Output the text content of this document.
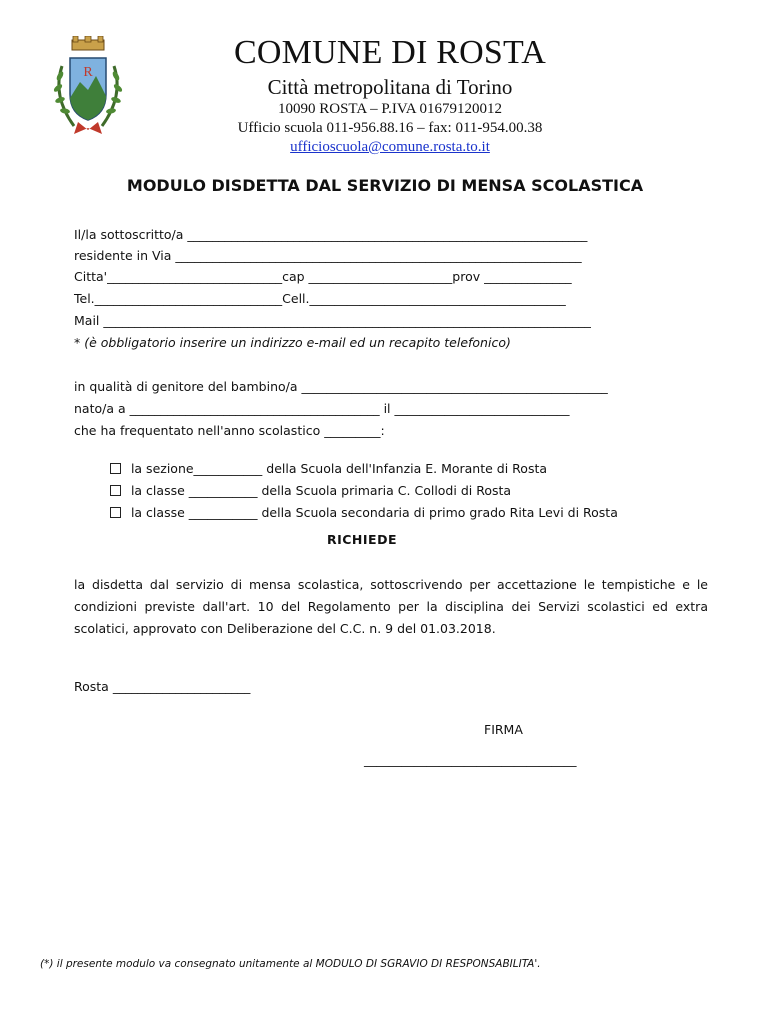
R
COMUNE DI ROSTA
Città metropolitana di Torino
10090 ROSTA – P.IVA 01679120012
Ufficio scuola 011-956.88.16 – fax: 011-954.00.38
ufficioscuola@comune.rosta.to.it
MODULO DISDETTA DAL SERVIZIO DI MENSA SCOLASTICA
Il/la sottoscritto/a ________________________________________________________________
residente in Via _________________________________________________________________
Citta'____________________________cap _______________________prov ______________
Tel.______________________________Cell._________________________________________
Mail ______________________________________________________________________________
* (è obbligatorio inserire un indirizzo e-mail ed un recapito telefonico)
in qualità di genitore del bambino/a _________________________________________________
nato/a a ________________________________________ il ____________________________
che ha frequentato nell'anno scolastico _________:

la sezione___________ della Scuola dell'Infanzia E. Morante di Rosta

la classe ___________ della Scuola primaria C. Collodi di Rosta

la classe ___________ della Scuola secondaria di primo grado Rita Levi di Rosta

RICHIEDE
la disdetta dal servizio di mensa scolastica, sottoscrivendo per accettazione le tempistiche e le condizioni previste dall'art. 10 del Regolamento per la disciplina dei Servizi scolastici ed extra scolatici, approvato con Deliberazione del C.C. n. 9 del 01.03.2018.
Rosta ______________________
FIRMA
__________________________________
(*) il presente modulo va consegnato unitamente al MODULO DI SGRAVIO DI RESPONSABILITA'.
